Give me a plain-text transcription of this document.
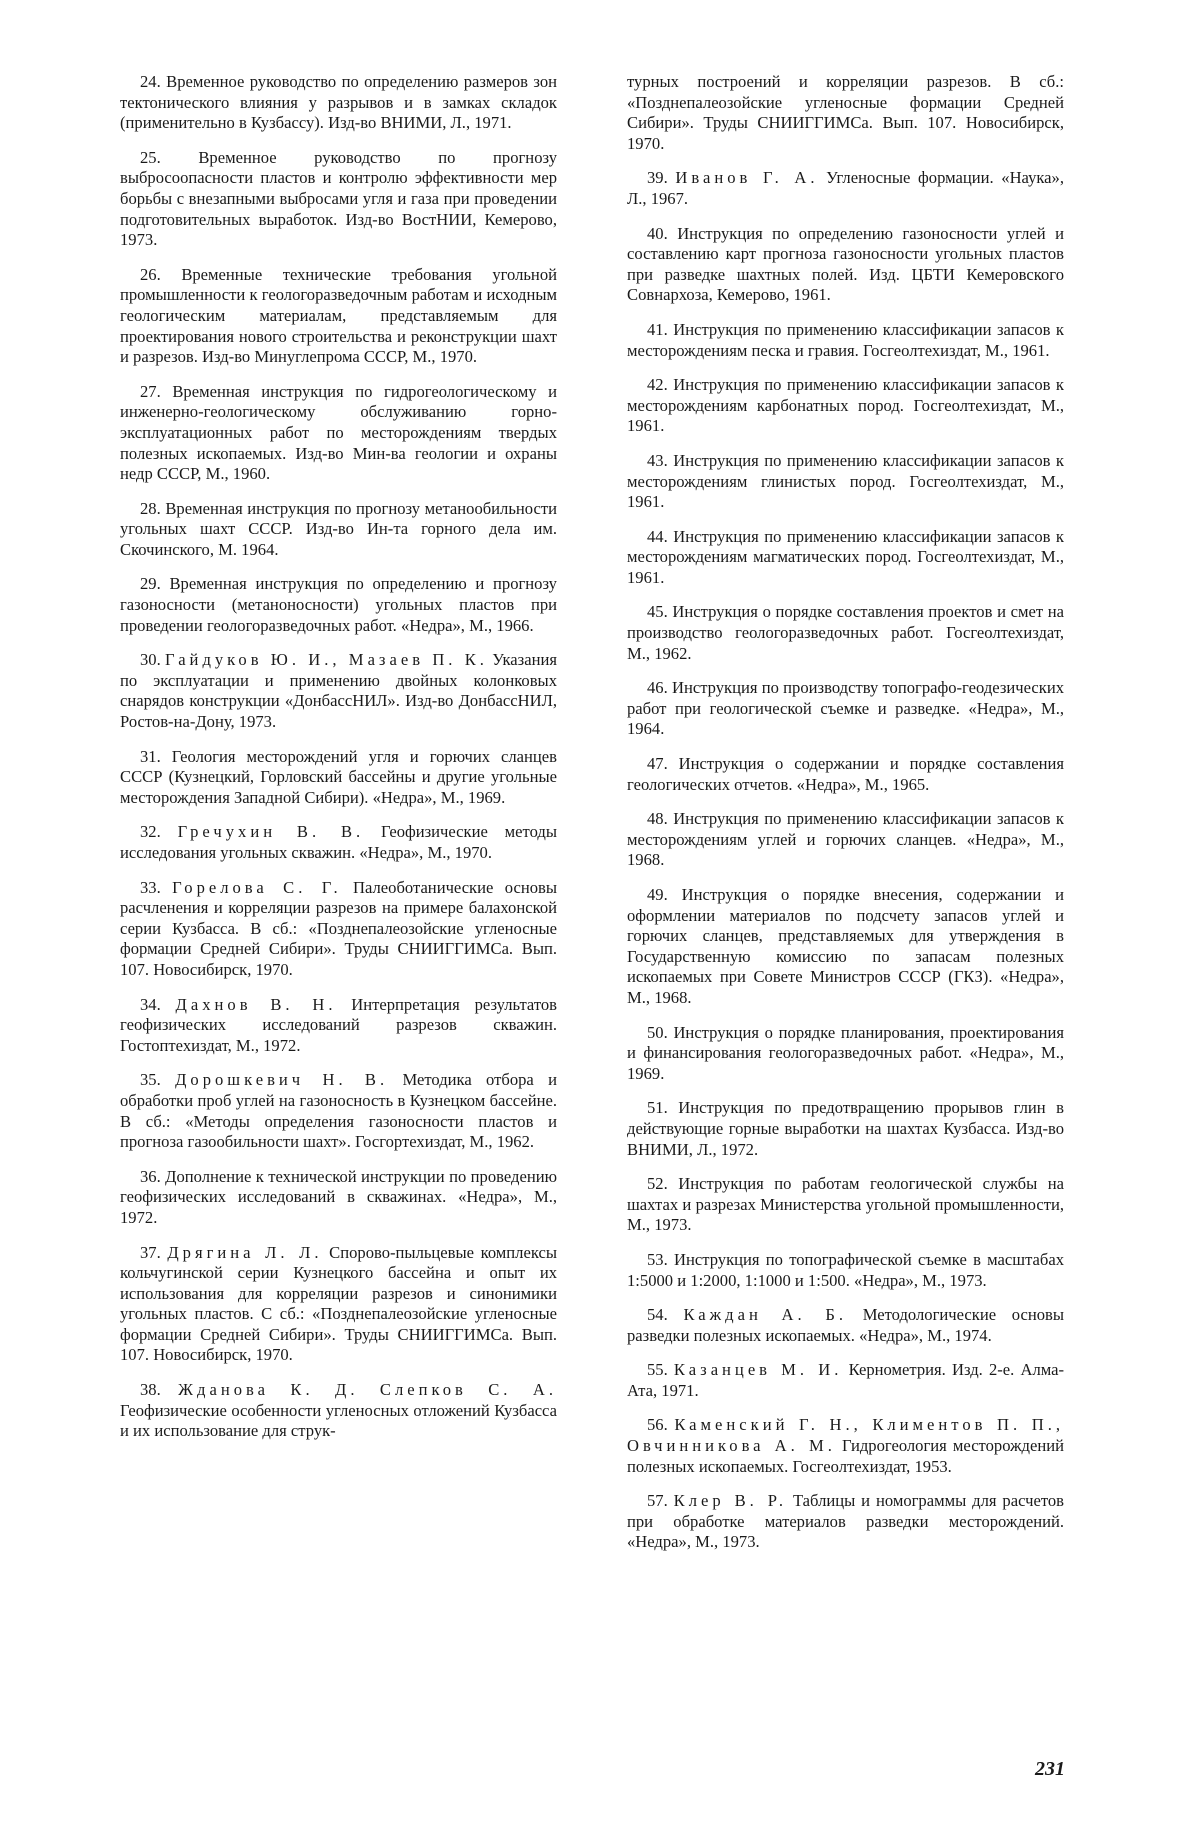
24. Временное руководство по определению размеров зон тектонического влияния у разрывов и в замках складок (применительно в Кузбассу). Изд-во ВНИМИ, Л., 1971.

25. Временное руководство по прогнозу выбросоопасности пластов и контролю эффективности мер борьбы с внезапными выбросами угля и газа при проведении подготовительных выработок. Изд-во ВостНИИ, Кемерово, 1973.

26. Временные технические требования угольной промышленности к геологоразведочным работам и исходным геологическим материалам, представляемым для проектирования нового строительства и реконструкции шахт и разрезов. Изд-во Минуглепрома СССР, М., 1970.

27. Временная инструкция по гидрогеологическому и инженерно-геологическому обслуживанию горно-эксплуатационных работ по месторождениям твердых полезных ископаемых. Изд-во Мин-ва геологии и охраны недр СССР, М., 1960.

28. Временная инструкция по прогнозу метанообильности угольных шахт СССР. Изд-во Ин-та горного дела им. Скочинского, М. 1964.

29. Временная инструкция по определению и прогнозу газоносности (метаноносности) угольных пластов при проведении геологоразведочных работ. «Недра», М., 1966.

30. Гайдуков Ю. И., Мазаев П. К. Указания по эксплуатации и применению двойных колонковых снарядов конструкции «ДонбассНИЛ». Изд-во ДонбассНИЛ, Ростов-на-Дону, 1973.

31. Геология месторождений угля и горючих сланцев СССР (Кузнецкий, Горловский бассейны и другие угольные месторождения Западной Сибири). «Недра», М., 1969.

32. Гречухин В. В. Геофизические методы исследования угольных скважин. «Недра», М., 1970.

33. Горелова С. Г. Палеоботанические основы расчленения и корреляции разрезов на примере балахонской серии Кузбасса. В сб.: «Позднепалеозойские угленосные формации Средней Сибири». Труды СНИИГГИМСа. Вып. 107. Новосибирск, 1970.

34. Дахнов В. Н. Интерпретация результатов геофизических исследований разрезов скважин. Гостоптехиздат, М., 1972.

35. Дорошкевич Н. В. Методика отбора и обработки проб углей на газоносность в Кузнецком бассейне. В сб.: «Методы определения газоносности пластов и прогноза газообильности шахт». Госгортехиздат, М., 1962.

36. Дополнение к технической инструкции по проведению геофизических исследований в скважинах. «Недра», М., 1972.

37. Дрягина Л. Л. Спорово-пыльцевые комплексы кольчугинской серии Кузнецкого бассейна и опыт их использования для корреляции разрезов и синонимики угольных пластов. С сб.: «Позднепалеозойские угленосные формации Средней Сибири». Труды СНИИГГИМСа. Вып. 107. Новосибирск, 1970.

38. Жданова К. Д. Слепков С. А. Геофизические особенности угленосных отложений Кузбасса и их использование для струк-

турных построений и корреляции разрезов. В сб.: «Позднепалеозойские угленосные формации Средней Сибири». Труды СНИИГГИМСа. Вып. 107. Новосибирск, 1970.

39. Иванов Г. А. Угленосные формации. «Наука», Л., 1967.

40. Инструкция по определению газоносности углей и составлению карт прогноза газоносности угольных пластов при разведке шахтных полей. Изд. ЦБТИ Кемеровского Совнархоза, Кемерово, 1961.

41. Инструкция по применению классификации запасов к месторождениям песка и гравия. Госгеолтехиздат, М., 1961.

42. Инструкция по применению классификации запасов к месторождениям карбонатных пород. Госгеолтехиздат, М., 1961.

43. Инструкция по применению классификации запасов к месторождениям глинистых пород. Госгеолтехиздат, М., 1961.

44. Инструкция по применению классификации запасов к месторождениям магматических пород. Госгеолтехиздат, М., 1961.

45. Инструкция о порядке составления проектов и смет на производство геологоразведочных работ. Госгеолтехиздат, М., 1962.

46. Инструкция по производству топографо-геодезических работ при геологической съемке и разведке. «Недра», М., 1964.

47. Инструкция о содержании и порядке составления геологических отчетов. «Недра», М., 1965.

48. Инструкция по применению классификации запасов к месторождениям углей и горючих сланцев. «Недра», М., 1968.

49. Инструкция о порядке внесения, содержании и оформлении материалов по подсчету запасов углей и горючих сланцев, представляемых для утверждения в Государственную комиссию по запасам полезных ископаемых при Совете Министров СССР (ГКЗ). «Недра», М., 1968.

50. Инструкция о порядке планирования, проектирования и финансирования геологоразведочных работ. «Недра», М., 1969.

51. Инструкция по предотвращению прорывов глин в действующие горные выработки на шахтах Кузбасса. Изд-во ВНИМИ, Л., 1972.

52. Инструкция по работам геологической службы на шахтах и разрезах Министерства угольной промышленности, М., 1973.

53. Инструкция по топографической съемке в масштабах 1:5000 и 1:2000, 1:1000 и 1:500. «Недра», М., 1973.

54. Каждан А. Б. Методологические основы разведки полезных ископаемых. «Недра», М., 1974.

55. Казанцев М. И. Кернометрия. Изд. 2-е. Алма-Ата, 1971.

56. Каменский Г. Н., Климентов П. П., Овчинникова А. М. Гидрогеология месторождений полезных ископаемых. Госгеолтехиздат, 1953.

57. Клер В. Р. Таблицы и номограммы для расчетов при обработке материалов разведки месторождений. «Недра», М., 1973.

231
